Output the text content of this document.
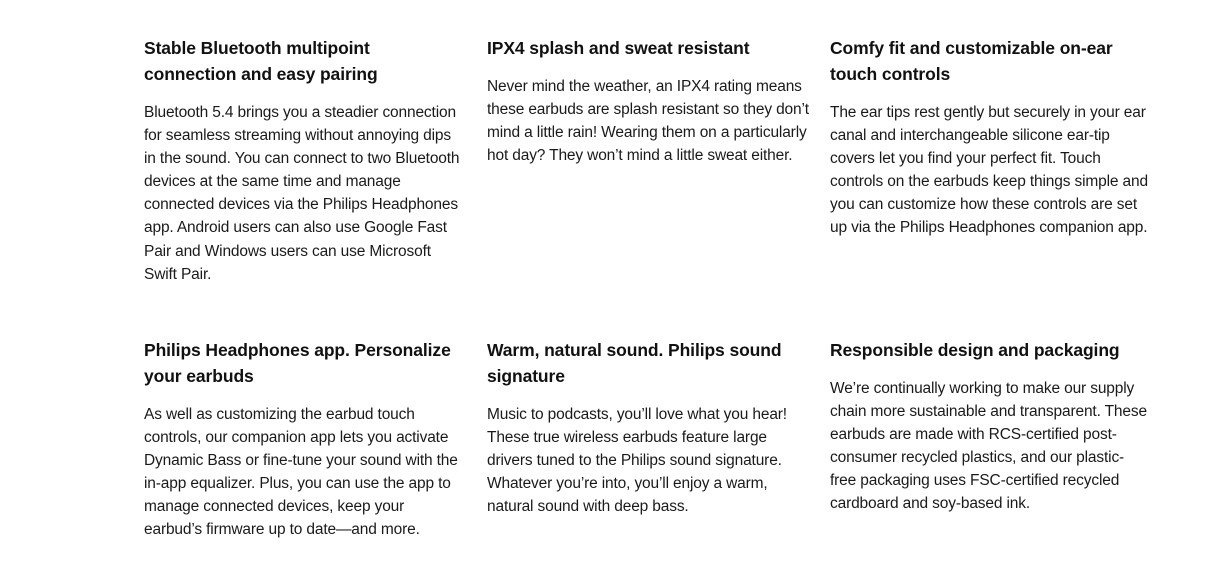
Stable Bluetooth multipoint connection and easy pairing

Bluetooth 5.4 brings you a steadier connection for seamless streaming without annoying dips in the sound. You can connect to two Bluetooth devices at the same time and manage connected devices via the Philips Headphones app. Android users can also use Google Fast Pair and Windows users can use Microsoft Swift Pair.

IPX4 splash and sweat resistant

Never mind the weather, an IPX4 rating means these earbuds are splash resistant so they don’t mind a little rain! Wearing them on a particularly hot day? They won’t mind a little sweat either.

Comfy fit and customizable on-ear touch controls

The ear tips rest gently but securely in your ear canal and interchangeable silicone ear-tip covers let you find your perfect fit. Touch controls on the earbuds keep things simple and you can customize how these controls are set up via the Philips Headphones companion app.

Philips Headphones app. Personalize your earbuds

As well as customizing the earbud touch controls, our companion app lets you activate Dynamic Bass or fine-tune your sound with the in-app equalizer. Plus, you can use the app to manage connected devices, keep your earbud’s firmware up to date—and more.

Warm, natural sound. Philips sound signature

Music to podcasts, you’ll love what you hear! These true wireless earbuds feature large drivers tuned to the Philips sound signature. Whatever you’re into, you’ll enjoy a warm, natural sound with deep bass.

Responsible design and packaging

We’re continually working to make our supply chain more sustainable and transparent. These earbuds are made with RCS-certified post-consumer recycled plastics, and our plastic-free packaging uses FSC-certified recycled cardboard and soy-based ink.
